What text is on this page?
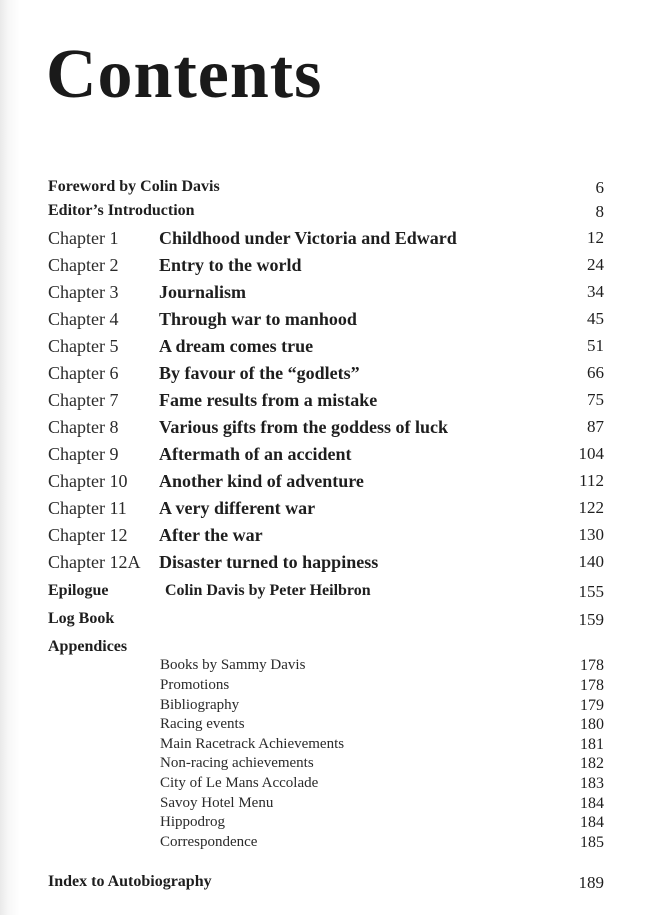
Contents
Foreword by Colin Davis	6
Editor’s Introduction	8
Chapter 1 Childhood under Victoria and Edward	12
Chapter 2 Entry to the world	24
Chapter 3 Journalism	34
Chapter 4 Through war to manhood	45
Chapter 5 A dream comes true	51
Chapter 6 By favour of the “godlets”	66
Chapter 7 Fame results from a mistake	75
Chapter 8 Various gifts from the goddess of luck	87
Chapter 9 Aftermath of an accident	104
Chapter 10 Another kind of adventure	112
Chapter 11 A very different war	122
Chapter 12 After the war	130
Chapter 12A Disaster turned to happiness	140
Epilogue	Colin Davis by Peter Heilbron	155
Log Book	159
Appendices
Books by Sammy Davis	178
Promotions	178
Bibliography	179
Racing events	180
Main Racetrack Achievements	181
Non-racing achievements	182
City of Le Mans Accolade	183
Savoy Hotel Menu	184
Hippodrog	184
Correspondence	185
Index to Autobiography	189
